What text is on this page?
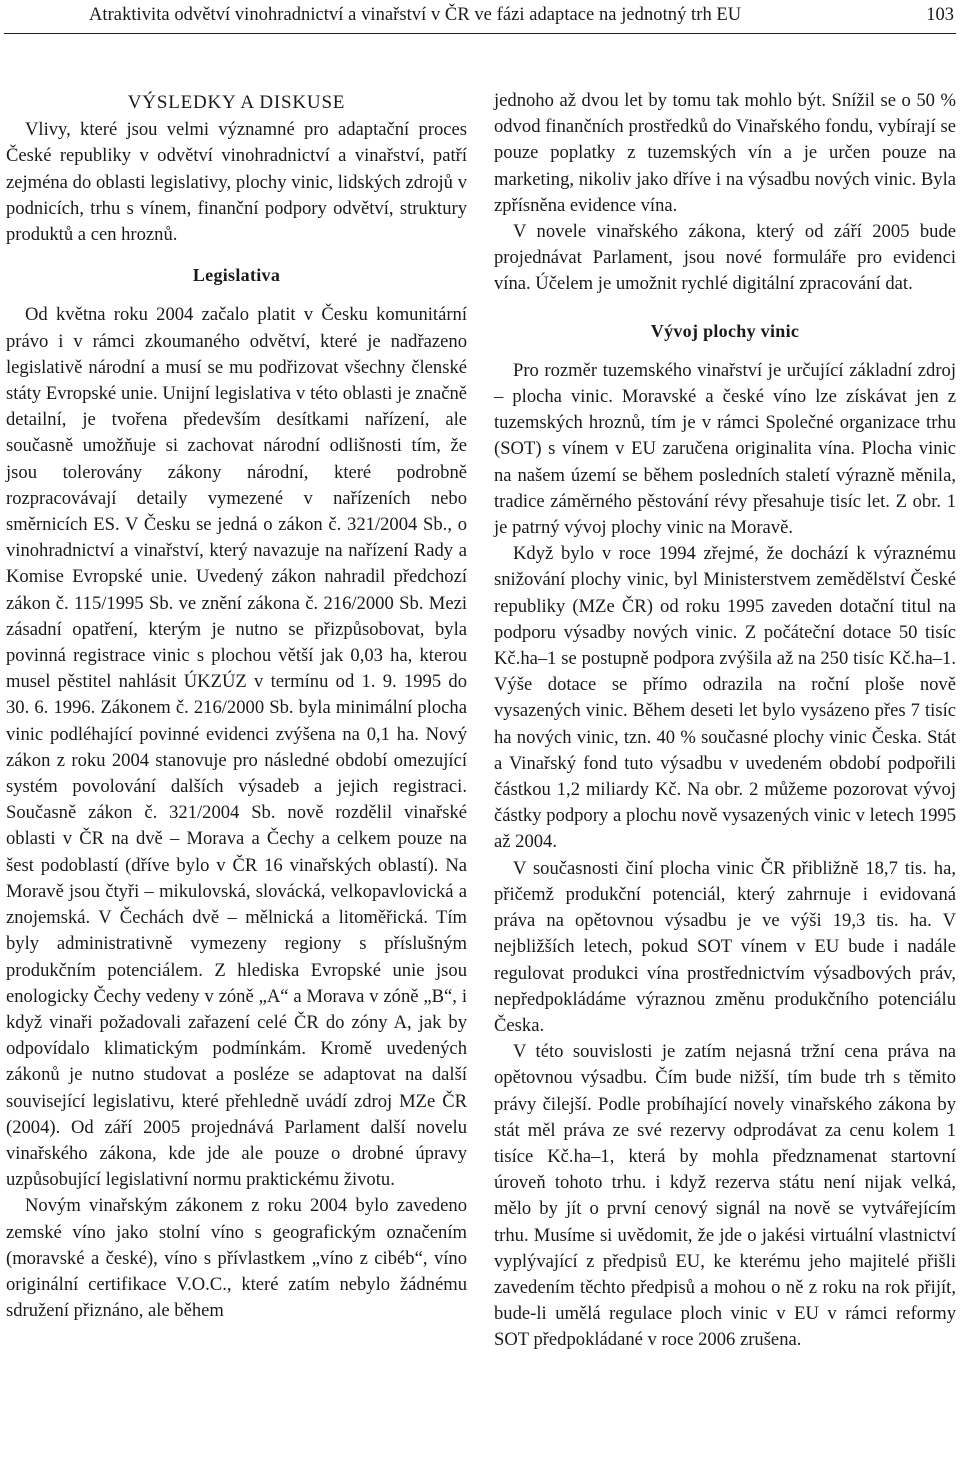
Atraktivita odvětví vinohradnictví a vinařství v ČR ve fázi adaptace na jednotný trh EU	103
VÝSLEDKY A DISKUSE

Vlivy, které jsou velmi významné pro adaptační proces České republiky v odvětví vinohradnictví a vinařství, patří zejména do oblasti legislativy, plochy vinic, lidských zdrojů v podnicích, trhu s vínem, finanční podpory odvětví, struktury produktů a cen hroznů.

Legislativa

Od května roku 2004 začalo platit v Česku komunitární právo i v rámci zkoumaného odvětví, které je nadřazeno legislativě národní a musí se mu podřizovat všechny členské státy Evropské unie. Unijní legislativa v této oblasti je značně detailní, je tvořena především desítkami nařízení, ale současně umožňuje si zachovat národní odlišnosti tím, že jsou tolerovány zákony národní, které podrobně rozpracovávají detaily vymezené v nařízeních nebo směrnicích ES. V Česku se jedná o zákon č. 321/2004 Sb., o vinohradnictví a vinařství, který navazuje na nařízení Rady a Komise Evropské unie. Uvedený zákon nahradil předchozí zákon č. 115/1995 Sb. ve znění zákona č. 216/2000 Sb. Mezi zásadní opatření, kterým je nutno se přizpůsobovat, byla povinná registrace vinic s plochou větší jak 0,03 ha, kterou musel pěstitel nahlásit ÚKZÚZ v termínu od 1. 9. 1995 do 30. 6. 1996. Zákonem č. 216/2000 Sb. byla minimální plocha vinic podléhající povinné evidenci zvýšena na 0,1 ha. Nový zákon z roku 2004 stanovuje pro následné období omezující systém povolování dalších výsadeb a jejich registraci. Současně zákon č. 321/2004 Sb. nově rozdělil vinařské oblasti v ČR na dvě – Morava a Čechy a celkem pouze na šest podoblastí (dříve bylo v ČR 16 vinařských oblastí). Na Moravě jsou čtyři – mikulovská, slovácká, velkopavlovická a znojemská. V Čechách dvě – mělnická a litoměřická. Tím byly administrativně vymezeny regiony s příslušným produkčním potenciálem. Z hlediska Evropské unie jsou enologicky Čechy vedeny v zóně „A“ a Morava v zóně „B“, i když vinaři požadovali zařazení celé ČR do zóny A, jak by odpovídalo klimatickým podmínkám. Kromě uvedených zákonů je nutno studovat a posléze se adaptovat na další související legislativu, které přehledně uvádí zdroj MZe ČR (2004). Od září 2005 projednává Parlament další novelu vinařského zákona, kde jde ale pouze o drobné úpravy uzpůsobující legislativní normu praktickému životu.

Novým vinařským zákonem z roku 2004 bylo zavedeno zemské víno jako stolní víno s geografickým označením (moravské a české), víno s přívlastkem „víno z cibéb“, víno originální certifikace V.O.C., které zatím nebylo žádnému sdružení přiznáno, ale během

jednoho až dvou let by tomu tak mohlo být. Snížil se o 50 % odvod finančních prostředků do Vinařského fondu, vybírají se pouze poplatky z tuzemských vín a je určen pouze na marketing, nikoliv jako dříve i na výsadbu nových vinic. Byla zpřísněna evidence vína.

V novele vinařského zákona, který od září 2005 bude projednávat Parlament, jsou nové formuláře pro evidenci vína. Účelem je umožnit rychlé digitální zpracování dat.

Vývoj plochy vinic

Pro rozměr tuzemského vinařství je určující základní zdroj – plocha vinic. Moravské a české víno lze získávat jen z tuzemských hroznů, tím je v rámci Společné organizace trhu (SOT) s vínem v EU zaručena originalita vína. Plocha vinic na našem území se během posledních staletí výrazně měnila, tradice záměrného pěstování révy přesahuje tisíc let. Z obr. 1 je patrný vývoj plochy vinic na Moravě.

Když bylo v roce 1994 zřejmé, že dochází k výraznému snižování plochy vinic, byl Ministerstvem zemědělství České republiky (MZe ČR) od roku 1995 zaveden dotační titul na podporu výsadby nových vinic. Z počáteční dotace 50 tisíc Kč.ha–1 se postupně podpora zvýšila až na 250 tisíc Kč.ha–1. Výše dotace se přímo odrazila na roční ploše nově vysazených vinic. Během deseti let bylo vysázeno přes 7 tisíc ha nových vinic, tzn. 40 % současné plochy vinic Česka. Stát a Vinařský fond tuto výsadbu v uvedeném období podpořili částkou 1,2 miliardy Kč. Na obr. 2 můžeme pozorovat vývoj částky podpory a plochu nově vysazených vinic v letech 1995 až 2004.

V současnosti činí plocha vinic ČR přibližně 18,7 tis. ha, přičemž produkční potenciál, který zahrnuje i evidovaná práva na opětovnou výsadbu je ve výši 19,3 tis. ha. V nejbližších letech, pokud SOT vínem v EU bude i nadále regulovat produkci vína prostřednictvím výsadbových práv, nepředpokládáme výraznou změnu produkčního potenciálu Česka.

V této souvislosti je zatím nejasná tržní cena práva na opětovnou výsadbu. Čím bude nižší, tím bude trh s těmito právy čilejší. Podle probíhající novely vinařského zákona by stát měl práva ze své rezervy odprodávat za cenu kolem 1 tisíce Kč.ha–1, která by mohla předznamenat startovní úroveň tohoto trhu. i když rezerva státu není nijak velká, mělo by jít o první cenový signál na nově se vytvářejícím trhu. Musíme si uvědomit, že jde o jakési virtuální vlastnictví vyplývající z předpisů EU, ke kterému jeho majitelé přišli zavedením těchto předpisů a mohou o ně z roku na rok přijít, bude-li umělá regulace ploch vinic v EU v rámci reformy SOT předpokládané v roce 2006 zrušena.
